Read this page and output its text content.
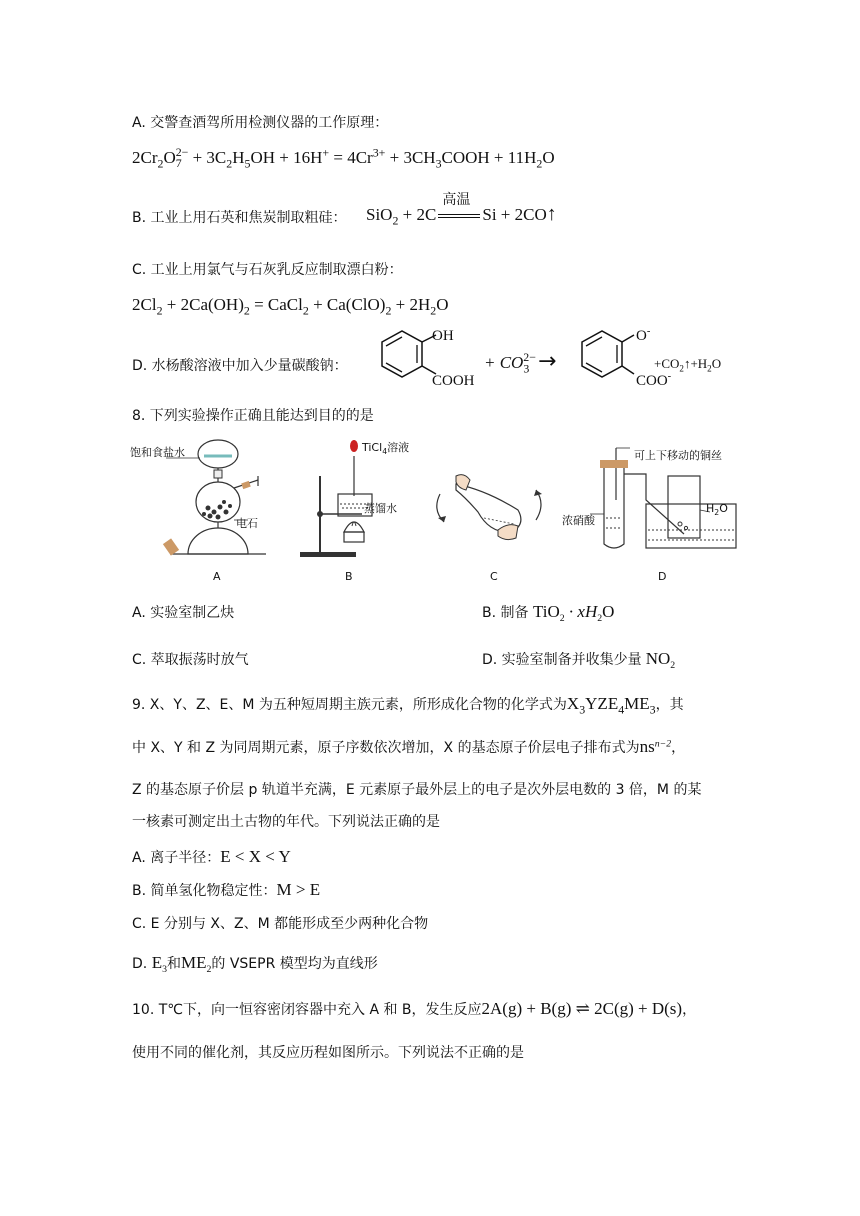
A. 交警查酒驾所用检测仪器的工作原理：
$2Cr_2O_7^{2-} + 3C_2H_5OH + 16H^+ = 4Cr^{3+}$ + $3CH_3COOH + 11H_2O$
B. 工业上用石英和焦炭制取粗硅： SiO$_2$ + 2C
高温
Si + 2CO↑
C. 工业上用氯气与石灰乳反应制取漂白粉：
$2Cl_2 + 2Ca(OH)_2$ = CaCl$_2$ + $Ca(ClO)_2 + 2H_2O$
D. 水杨酸溶液中加入少量碳酸钠：
OH
COOH
+ $CO_3^{2-}$ →
O-
COO-
$+CO_2↑+H_2O$
8. 下列实验操作正确且能达到目的的是
饱和食盐水
电石
A
TiCl$_4$溶液
蒸馏水
B	C
可上下移动的铜丝
浓硝酸
$H_2O$
D
A. 实验室制乙炔	B. 制备 $TiO_2 \cdot xH_2O$
C. 萃取振荡时放气	D. 实验室制备并收集少量 $NO_2$
9. X、Y、Z、E、M 为五种短周期主族元素，所形成化合物的化学式为$X_3YZE_4ME_3$，其
中 X、Y 和 Z 为同周期元素，原子序数依次增加，X 的基态原子价层电子排布式为$ns^{n-2}$，
Z 的基态原子价层 p 轨道半充满，E 元素原子最外层上的电子是次外层电数的 3 倍，M 的某
一核素可测定出土古物的年代。下列说法正确的是
A. 离子半径：E < X < Y
B. 简单氢化物稳定性：M > E
C. E 分别与 X、Z、M 都能形成至少两种化合物
D. $E_3$和$ME_2$的 VSEPR 模型均为直线形
10. T℃下，向一恒容密闭容器中充入 A 和 B，发生反应2A(g) + B(g) ⇌ 2C(g) + D(s)，
使用不同的催化剂，其反应历程如图所示。下列说法不正确的是
